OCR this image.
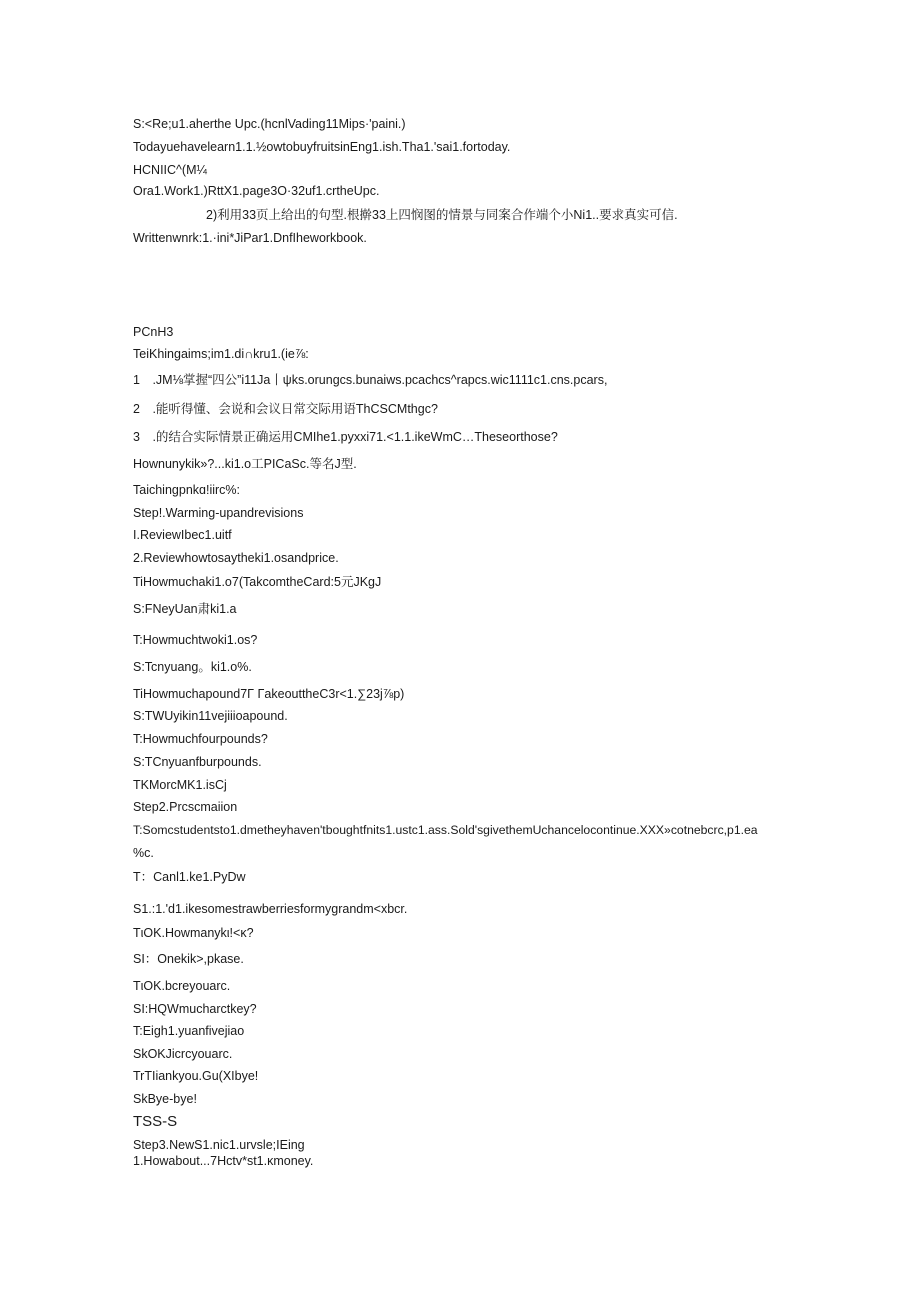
S:<Re;u1.aherthe Upc.(hcnlVading11Mips·'paini.)
Todayuehavelearn1.1.½owtobuyfruitsinEng1.ish.Tha1.'sai1.fortoday.
HCNIIC^(M¼
Ora1.Work1.)RttX1.page3O·32uf1.crtheUpc.
2)利用33页上给出的句型.根擀33上四悯图的情景与同案合作端个小Ni1..要求真实可信.
Writtenwnrk:1.·ini*JiPar1.DnfIheworkbook.
PCnH3
TeiKhingaims;im1.di∩kru1.(ie⅞:
1　.JM⅛掌握“四公”i11Ja丨ψks.orungcs.bunaiws.pcachcs^rapcs.wic1111c1.cns.pcars,
2　.能听得懂、会说和会议日常交际用语ThCSCMthgc?
3　.的结合实际情景正确运用CMIhe1.pyxxi71.<1.1.ikeWmC…Theseorthose?
Hownunykik»?...ki1.o工PICaSc.等名J型.
Taichingpnkɑ!iirc%:
Step!.Warming-upandrevisions
I.ReviewIbec1.uitf
2.Reviewhowtosaytheki1.osandprice.
TiHowmuchaki1.o7(TakcomtheCard:5元JKgJ
S:FNeyUan肃ki1.a
T:Howmuchtwoki1.os?
S:Tcnyuang。ki1.o%.
TiHowmuchapound7Γ ΓakeouttheC3r<1.∑23j⅞p)
S:TWUyikin11vejiiioapound.
T:Howmuchfourpounds?
S:TCnyuanfburpounds.
TKMorcMK1.isCj
Step2.Prcscmaiion
T:Somcstudentsto1.dmetheyhaven'tboughtfnits1.ustc1.ass.Sold'sgivethemUchancelocontinue.XXX»cotnebcrc,p1.ea
%c.
T：Canl1.ke1.PyDw
S1.:1.'d1.ikesomestrawberriesformygrandm<xbcr.
TιOK.Howmanykι!<κ?
SI：Onekik>,pkase.
TιOK.bcreyouarc.
SI:HQWmucharctkey?
T:Eigh1.yuanfivejiao
SkOKJicrcyouarc.
TrTIiankyou.Gu(XIbye!
SkBye-bye!
TSS-S
Step3.NewS1.nic1.urvsle;IEing
1.Howabout...7Hctv*st1.κmoney.
